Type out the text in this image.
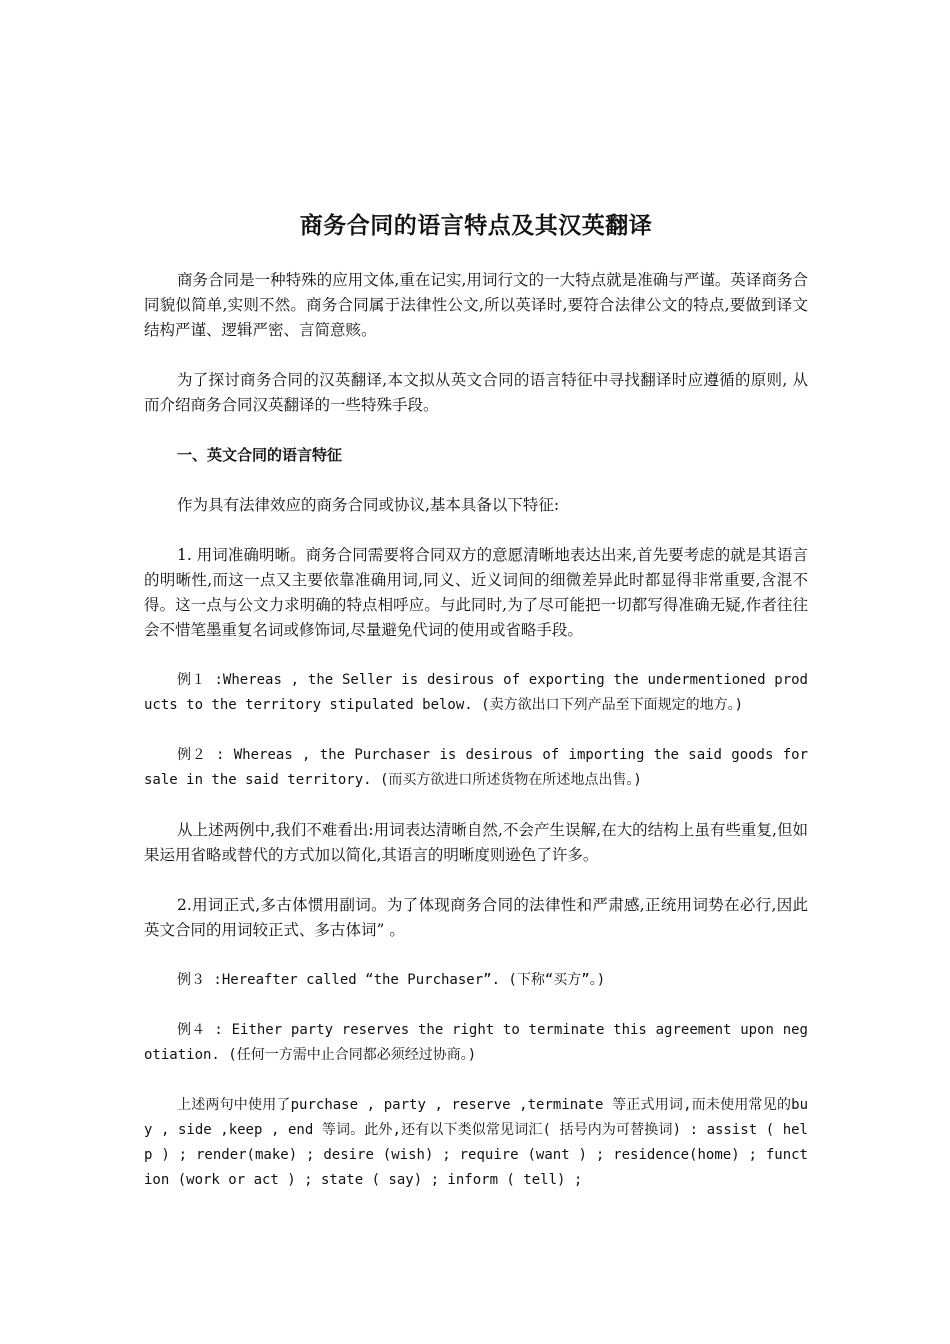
商务合同的语言特点及其汉英翻译

商务合同是一种特殊的应用文体,重在记实,用词行文的一大特点就是准确与严谨。英译商务合同貌似简单,实则不然。商务合同属于法律性公文,所以英译时,要符合法律公文的特点,要做到译文结构严谨、逻辑严密、言简意赅。

为了探讨商务合同的汉英翻译,本文拟从英文合同的语言特征中寻找翻译时应遵循的原则, 从而介绍商务合同汉英翻译的一些特殊手段。

一、英文合同的语言特征

作为具有法律效应的商务合同或协议,基本具备以下特征:

1. 用词准确明晰。商务合同需要将合同双方的意愿清晰地表达出来,首先要考虑的就是其语言的明晰性,而这一点又主要依靠准确用词,同义、近义词间的细微差异此时都显得非常重要,含混不得。这一点与公文力求明确的特点相呼应。与此同时,为了尽可能把一切都写得准确无疑,作者往往会不惜笔墨重复名词或修饰词,尽量避免代词的使用或省略手段。

例１ :Whereas , the Seller is desirous of exporting the undermentioned products to the territory stipulated below. (卖方欲出口下列产品至下面规定的地方。)

例２ : Whereas , the Purchaser is desirous of importing the said goods for sale in the said territory. (而买方欲进口所述货物在所述地点出售。)

从上述两例中,我们不难看出:用词表达清晰自然,不会产生误解,在大的结构上虽有些重复,但如果运用省略或替代的方式加以简化,其语言的明晰度则逊色了许多。

2.用词正式,多古体惯用副词。为了体现商务合同的法律性和严肃感,正统用词势在必行,因此英文合同的用词较正式、多古体词” 。

例３ :Hereafter called “the Purchaser”. (下称“买方”。)

例４ : Either party reserves the right to terminate this agreement upon negotiation. (任何一方需中止合同都必须经过协商。)

上述两句中使用了purchase , party , reserve ,terminate 等正式用词,而未使用常见的buy , side ,keep , end 等词。此外,还有以下类似常见词汇( 括号内为可替换词) : assist ( help ) ; render(make) ; desire (wish) ; require (want ) ; residence(home) ; function (work or act ) ; state ( say) ; inform ( tell) ;
